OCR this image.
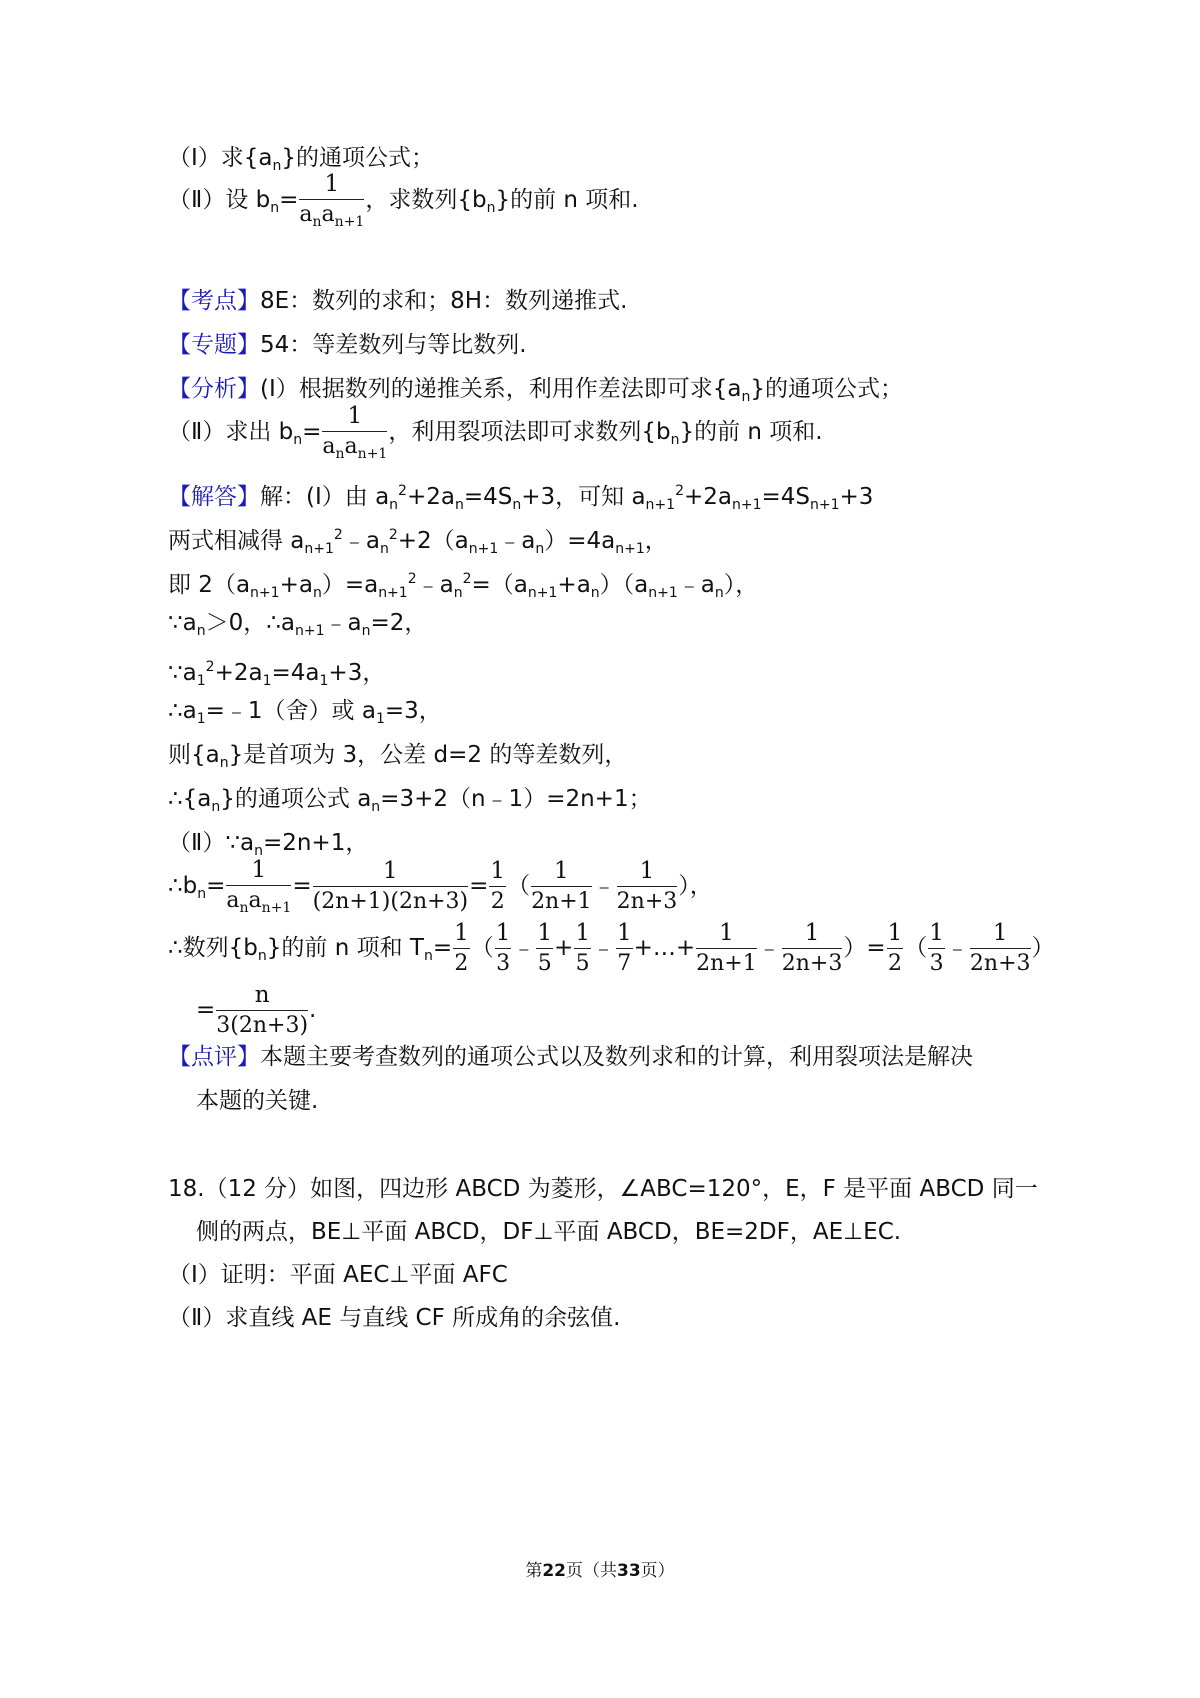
（I）求$\{a_n\}$的通项公式；
（Ⅱ）设 $b_n= \frac{1}{a_na_{n+1}}$ ，求数列$\{b_n\}$的前 n 项和.
【考点】8E：数列的求和；8H：数列递推式.
【专题】54：等差数列与等比数列.
【分析】(I）根据数列的递推关系，利用作差法即可求$\{a_n\}$的通项公式；
（Ⅱ）求出 $b_n= \frac{1}{a_na_{n+1}}$ ，利用裂项法即可求数列$\{b_n\}$的前 n 项和.
【解答】解：(I）由 $a_n^2+2a_n=4S_n+3$，可知 $a_{n+1}^2+2a_{n+1}=4S_{n+1}+3$
两式相减得 $a_{n+1}^2﹣a_n^2+2(a_{n+1}﹣a_n)=4a_{n+1}$，
即 $2(a_{n+1}+a_n)=a_{n+1}^2﹣a_n^2=(a_{n+1}+a_n)(a_{n+1}﹣a_n)$，
$\because a_n>0$，$\therefore a_{n+1}﹣a_n=2$，
$\because a_1^2+2a_1=4a_1+3$，
$\therefore a_1=﹣1$（舍）或 $a_1=3$，
则$\{a_n\}$是首项为 3，公差 d=2 的等差数列，
$\therefore\{a_n\}$的通项公式 $a_n=3+2(n﹣1)=2n+1$；
$(Ⅱ)\because a_n=2n+1$，
$\therefore b_n= \frac{1}{a_na_{n+1}} = \frac{1}{(2n+1)(2n+3)} = \frac{1}{2}$ （ $\frac{1}{2n+1}$ ﹣ $\frac{1}{2n+3}$ ），
∴数列$\{b_n\}$的前 n 项和 $T_n= \frac{1}{2}$ （ $\frac{1}{3}$ ﹣ $\frac{1}{5} + \frac{1}{5}$ ﹣ $\frac{1}{7}$ +…+ $\frac{1}{2n+1}$ ﹣ $\frac{1}{2n+3}$ ）= $\frac{1}{2}$ （ $\frac{1}{3}$ ﹣ $\frac{1}{2n+3}$ ）
= $\frac{n}{3(2n+3)}$ .
【点评】本题主要考查数列的通项公式以及数列求和的计算，利用裂项法是解决
本题的关键.
18.（12 分）如图，四边形 ABCD 为菱形，∠ABC=120°，E，F 是平面 ABCD 同一
侧的两点，BE⊥平面 ABCD，DF⊥平面 ABCD，BE=2DF，AE⊥EC.
（Ⅰ）证明：平面 AEC⊥平面 AFC
（Ⅱ）求直线 AE 与直线 CF 所成角的余弦值.
第22页（共33页）
